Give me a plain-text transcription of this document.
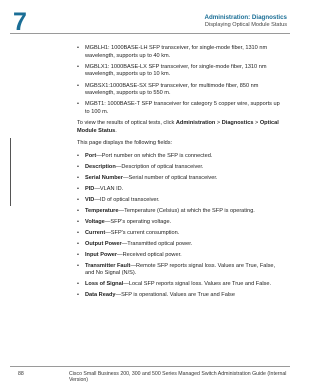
7	Administration: Diagnostics
Displaying Optical Module Status
• MGBLH1: 1000BASE-LH SFP transceiver, for single-mode fiber, 1310 nm wavelength, supports up to 40 km.
• MGBLX1: 1000BASE-LX SFP transceiver, for single-mode fiber, 1310 nm wavelength, supports up to 10 km.
• MGBSX1:1000BASE-SX SFP transceiver, for multimode fiber, 850 nm wavelength, supports up to 550 m.
• MGBT1: 1000BASE-T SFP transceiver for category 5 copper wire, supports up to 100 m.

To view the results of optical tests, click Administration > Diagnostics > Optical Module Status.

This page displays the following fields:

• Port—Port number on which the SFP is connected.
• Description—Description of optical transceiver.
• Serial Number—Serial number of optical transceiver.
• PID—VLAN ID.
• VID—ID of optical transceiver.
• Temperature—Temperature (Celsius) at which the SFP is operating.
• Voltage—SFP's operating voltage.
• Current—SFP's current consumption.
• Output Power—Transmitted optical power.
• Input Power—Received optical power.
• Transmitter Fault—Remote SFP reports signal loss. Values are True, False, and No Signal (N/S).
• Loss of Signal—Local SFP reports signal loss. Values are True and False.
• Data Ready—SFP is operational. Values are True and False
88	Cisco Small Business 200, 300 and 500 Series Managed Switch Administration Guide (Internal Version)
